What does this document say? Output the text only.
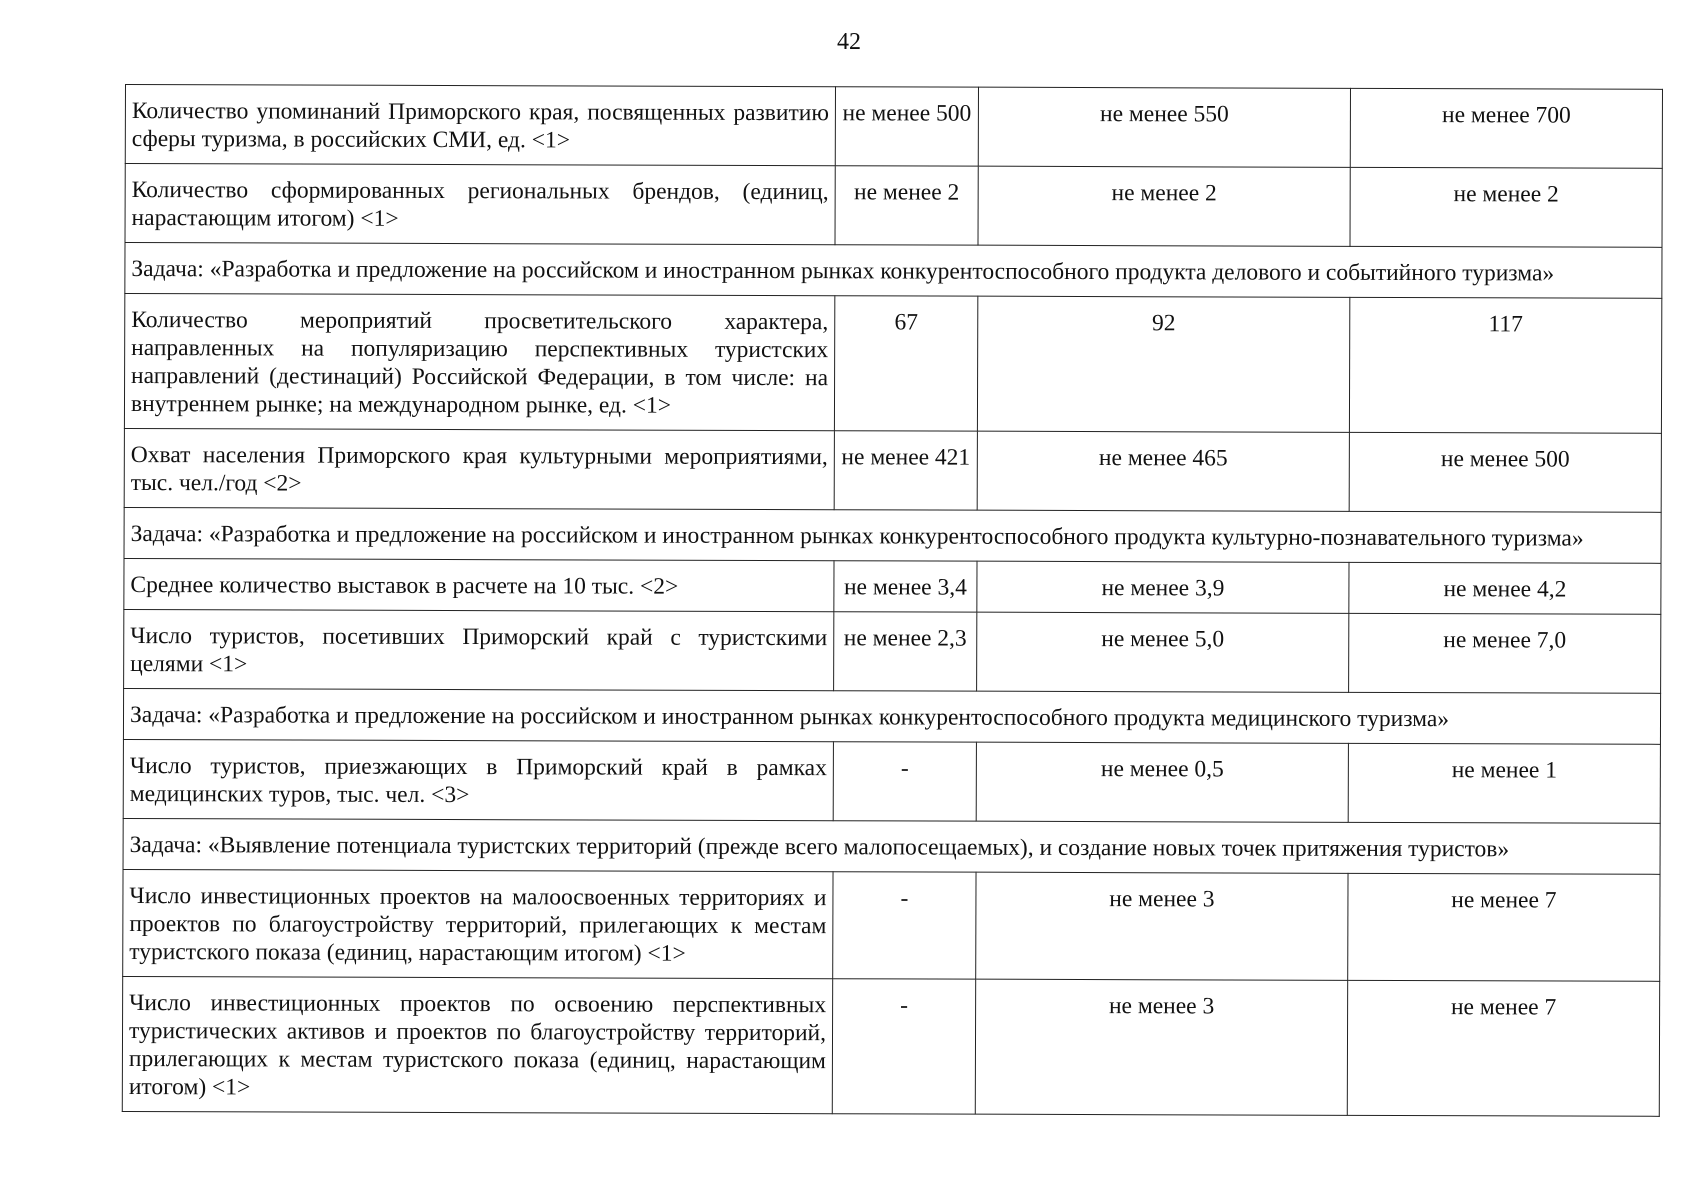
42
Количество упоминаний Приморского края, посвященных развитию сферы туризма, в российских СМИ, ед. <1>	не менее 500	не менее 550	не менее 700
Количество сформированных региональных брендов, (единиц, нарастающим итогом) <1>	не менее 2	не менее 2	не менее 2
Задача: «Разработка и предложение на российском и иностранном рынках конкурентоспособного продукта делового и событийного туризма»			
Количество мероприятий просветительского характера, направленных на популяризацию перспективных туристских направлений (дестинаций) Российской Федерации, в том числе: на внутреннем рынке; на международном рынке, ед. <1>	67	92	117
Охват населения Приморского края культурными мероприятиями, тыс. чел./год <2>	не менее 421	не менее 465	не менее 500
Задача: «Разработка и предложение на российском и иностранном рынках конкурентоспособного продукта культурно-познавательного туризма»			
Среднее количество выставок в расчете на 10 тыс. <2>	не менее 3,4	не менее 3,9	не менее 4,2
Число туристов, посетивших Приморский край с туристскими целями <1>	не менее 2,3	не менее 5,0	не менее 7,0
Задача: «Разработка и предложение на российском и иностранном рынках конкурентоспособного продукта медицинского туризма»			
Число туристов, приезжающих в Приморский край в рамках медицинских туров, тыс. чел. <3>	-	не менее 0,5	не менее 1
Задача: «Выявление потенциала туристских территорий (прежде всего малопосещаемых), и создание новых точек притяжения туристов»			
Число инвестиционных проектов на малоосвоенных территориях и проектов по благоустройству территорий, прилегающих к местам туристского показа (единиц, нарастающим итогом) <1>	-	не менее 3	не менее 7
Число инвестиционных проектов по освоению перспективных туристических активов и проектов по благоустройству территорий, прилегающих к местам туристского показа (единиц, нарастающим итогом) <1>	-	не менее 3	не менее 7
